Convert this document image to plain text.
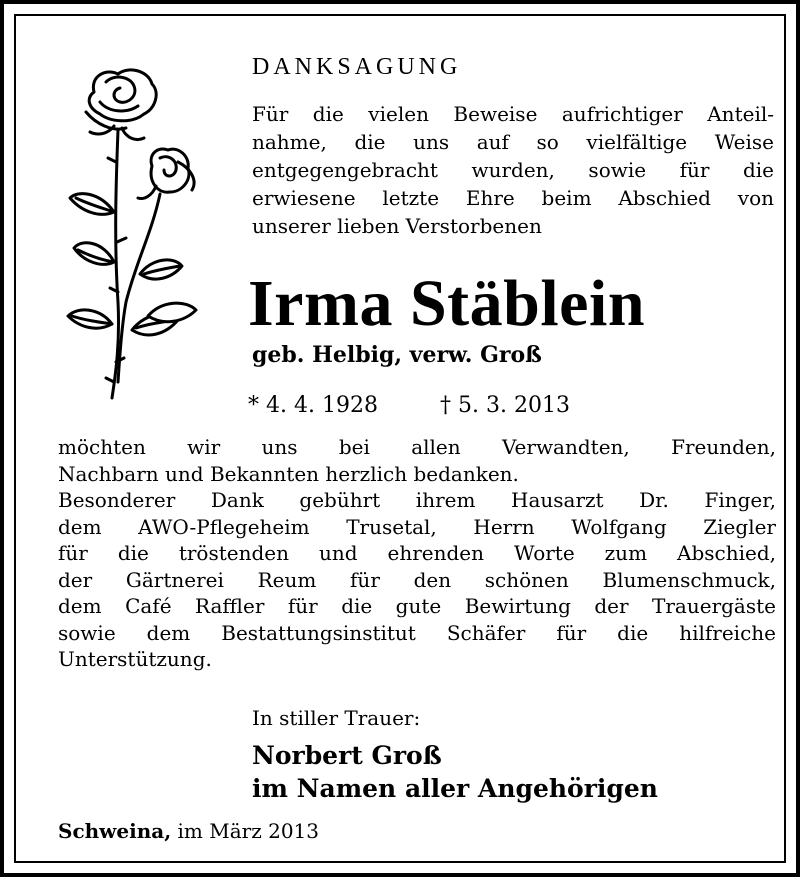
DANKSAGUNG
Für die vielen Beweise aufrichtiger Anteil-
nahme, die uns auf so vielfältige Weise
entgegengebracht wurden, sowie für die
erwiesene letzte Ehre beim Abschied von
unserer lieben Verstorbenen
Irma Stäblein
geb. Helbig, verw. Groß
* 4. 4. 1928	† 5. 3. 2013
möchten wir uns bei allen Verwandten, Freunden,
Nachbarn und Bekannten herzlich bedanken.
Besonderer Dank gebührt ihrem Hausarzt Dr. Finger,
dem AWO-Pflegeheim Trusetal, Herrn Wolfgang Ziegler
für die tröstenden und ehrenden Worte zum Abschied,
der Gärtnerei Reum für den schönen Blumenschmuck,
dem Café Raffler für die gute Bewirtung der Trauergäste
sowie dem Bestattungsinstitut Schäfer für die hilfreiche
Unterstützung.
In stiller Trauer:
Norbert Groß
im Namen aller Angehörigen
Schweina, im März 2013
